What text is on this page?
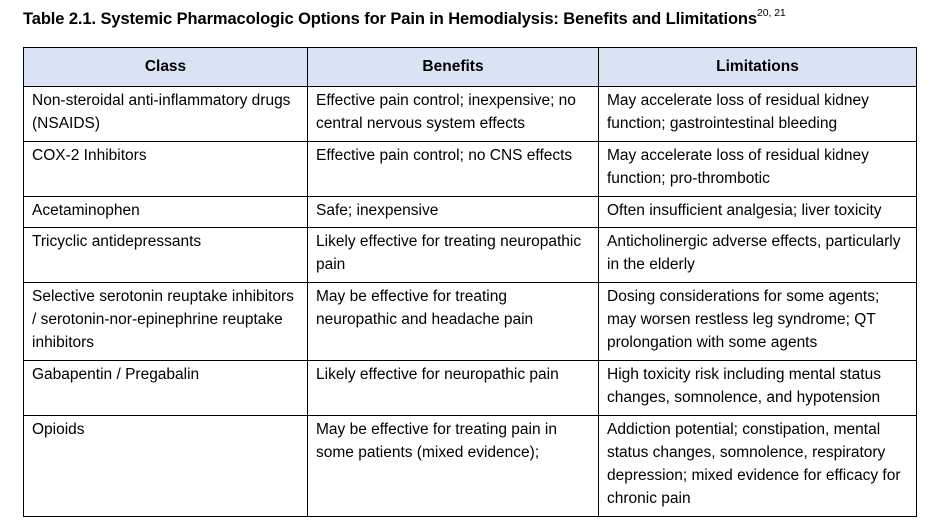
Table 2.1. Systemic Pharmacologic Options for Pain in Hemodialysis: Benefits and Llimitations$^{20, 21}$
Class	Benefits	Limitations
Non-steroidal anti-inflammatory drugs (NSAIDS)	Effective pain control; inexpensive; no central nervous system effects	May accelerate loss of residual kidney function; gastrointestinal bleeding
COX-2 Inhibitors	Effective pain control; no CNS effects	May accelerate loss of residual kidney function; pro-thrombotic
Acetaminophen	Safe; inexpensive	Often insufficient analgesia; liver toxicity
Tricyclic antidepressants	Likely effective for treating neuropathic pain	Anticholinergic adverse effects, particularly in the elderly
Selective serotonin reuptake inhibitors / serotonin-nor-epinephrine reuptake inhibitors	May be effective for treating neuropathic and headache pain	Dosing considerations for some agents; may worsen restless leg syndrome; QT prolongation with some agents
Gabapentin / Pregabalin	Likely effective for neuropathic pain	High toxicity risk including mental status changes, somnolence, and hypotension
Opioids	May be effective for treating pain in some patients (mixed evidence);	Addiction potential; constipation, mental status changes, somnolence, respiratory depression; mixed evidence for efficacy for chronic pain
